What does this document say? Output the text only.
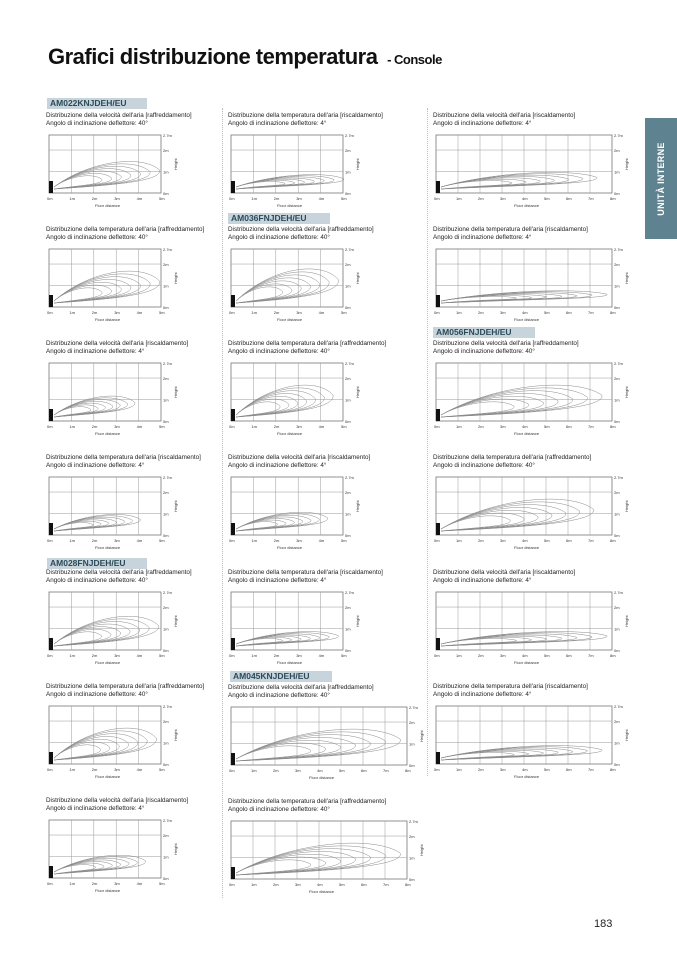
Grafici distribuzione temperatura - Console
UNITÀ INTERNE
183
AM022KNJDEH/EU
AM036FNJDEH/EU
AM056FNJDEH/EU
AM028FNJDEH/EU
AM045KNJDEH/EU
Distribuzione della velocità dell'aria [raffreddamento]
Angolo di inclinazione deflettore: 40°
2.7m
2m
1m
0m
Height
0m	1m	2m	3m	4m	5m
Floor distance
Distribuzione della temperatura dell'aria [riscaldamento]
Angolo di inclinazione deflettore: 4°
2.7m
2m
1m
0m
Height
0m	1m	2m	3m	4m	5m
Floor distance
Distribuzione della velocità dell'aria [riscaldamento]
Angolo di inclinazione deflettore: 4°
2.7m
2m
1m
0m
Height
0m	1m	2m	3m	4m	5m	6m	7m	8m
Floor distance
Distribuzione della temperatura dell'aria [raffreddamento]
Angolo di inclinazione deflettore: 40°
2.7m
2m
1m
0m
Height
0m	1m	2m	3m	4m	5m
Floor distance
Distribuzione della velocità dell'aria [raffreddamento]
Angolo di inclinazione deflettore: 40°
2.7m
2m
1m
0m
Height
0m	1m	2m	3m	4m	5m
Floor distance
Distribuzione della temperatura dell'aria [riscaldamento]
Angolo di inclinazione deflettore: 4°
2.7m
2m
1m
0m
Height
0m	1m	2m	3m	4m	5m	6m	7m	8m
Floor distance
Distribuzione della velocità dell'aria [riscaldamento]
Angolo di inclinazione deflettore: 4°
2.7m
2m
1m
0m
Height
0m	1m	2m	3m	4m	5m
Floor distance
Distribuzione della temperatura dell'aria [raffreddamento]
Angolo di inclinazione deflettore: 40°
2.7m
2m
1m
0m
Height
0m	1m	2m	3m	4m	5m
Floor distance
Distribuzione della velocità dell'aria [raffreddamento]
Angolo di inclinazione deflettore: 40°
2.7m
2m
1m
0m
Height
0m	1m	2m	3m	4m	5m	6m	7m	8m
Floor distance
Distribuzione della temperatura dell'aria [riscaldamento]
Angolo di inclinazione deflettore: 4°
2.7m
2m
1m
0m
Height
0m	1m	2m	3m	4m	5m
Floor distance
Distribuzione della velocità dell'aria [riscaldamento]
Angolo di inclinazione deflettore: 4°
2.7m
2m
1m
0m
Height
0m	1m	2m	3m	4m	5m
Floor distance
Distribuzione della temperatura dell'aria [raffreddamento]
Angolo di inclinazione deflettore: 40°
2.7m
2m
1m
0m
Height
0m	1m	2m	3m	4m	5m	6m	7m	8m
Floor distance
Distribuzione della velocità dell'aria [raffreddamento]
Angolo di inclinazione deflettore: 40°
2.7m
2m
1m
0m
Height
0m	1m	2m	3m	4m	5m
Floor distance
Distribuzione della temperatura dell'aria [riscaldamento]
Angolo di inclinazione deflettore: 4°
2.7m
2m
1m
0m
Height
0m	1m	2m	3m	4m	5m
Floor distance
Distribuzione della velocità dell'aria [riscaldamento]
Angolo di inclinazione deflettore: 4°
2.7m
2m
1m
0m
Height
0m	1m	2m	3m	4m	5m	6m	7m	8m
Floor distance
Distribuzione della temperatura dell'aria [raffreddamento]
Angolo di inclinazione deflettore: 40°
2.7m
2m
1m
0m
Height
0m	1m	2m	3m	4m	5m
Floor distance
Distribuzione della velocità dell'aria [raffreddamento]
Angolo di inclinazione deflettore: 40°
2.7m
2m
1m
0m
Height
0m	1m	2m	3m	4m	5m	6m	7m	8m
Floor distance
Distribuzione della temperatura dell'aria [riscaldamento]
Angolo di inclinazione deflettore: 4°
2.7m
2m
1m
0m
Height
0m	1m	2m	3m	4m	5m	6m	7m	8m
Floor distance
Distribuzione della velocità dell'aria [riscaldamento]
Angolo di inclinazione deflettore: 4°
2.7m
2m
1m
0m
Height
0m	1m	2m	3m	4m	5m
Floor distance
Distribuzione della temperatura dell'aria [raffreddamento]
Angolo di inclinazione deflettore: 40°
2.7m
2m
1m
0m
Height
0m	1m	2m	3m	4m	5m	6m	7m	8m
Floor distance
